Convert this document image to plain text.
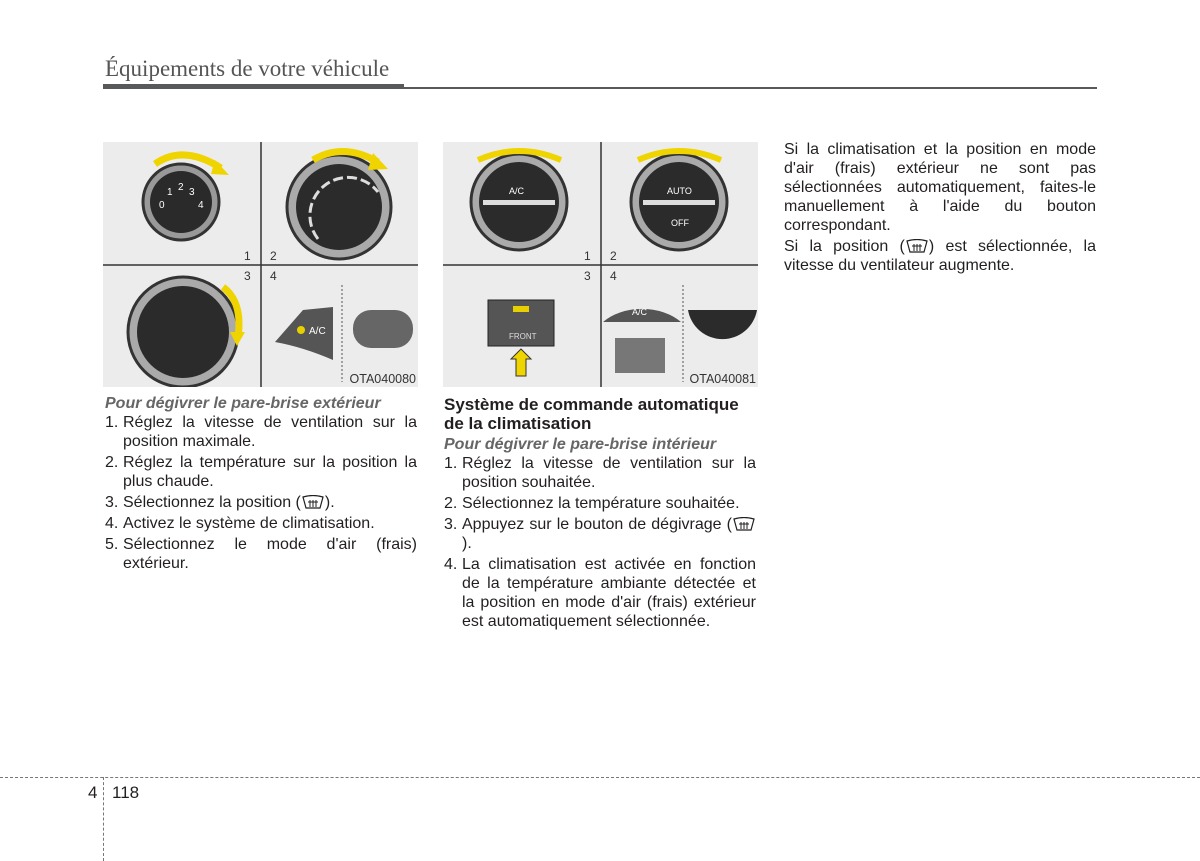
Équipements de votre véhicule
0
1 2 3
4
A/C
1 2
3 4
OTA040080
A/C	AUTO
OFF
FRONT
A/C
1 2
3 4
OTA040081
Pour dégivrer le pare-brise extérieur
1. Réglez la vitesse de ventilation sur la position maximale.
2. Réglez la température sur la position la plus chaude.
3. Sélectionnez la position ( ).
4. Activez le système de climatisation.
5. Sélectionnez le mode d'air (frais) extérieur.
Système de commande automatique de la climatisation
Pour dégivrer le pare-brise intérieur
1. Réglez la vitesse de ventilation sur la position souhaitée.
2. Sélectionnez la température souhaitée.
3. Appuyez sur le bouton de dégivrage ().
4. La climatisation est activée en fonction de la température ambiante détectée et la position en mode d'air (frais) extérieur est automatiquement sélectionnée.

Si la climatisation et la position en mode d'air (frais) extérieur ne sont pas sélectionnées automatiquement, faites-le manuellement à l'aide du bouton correspondant.

Si la position ( ) est sélectionnée, la vitesse du ventilateur augmente.

4 118
